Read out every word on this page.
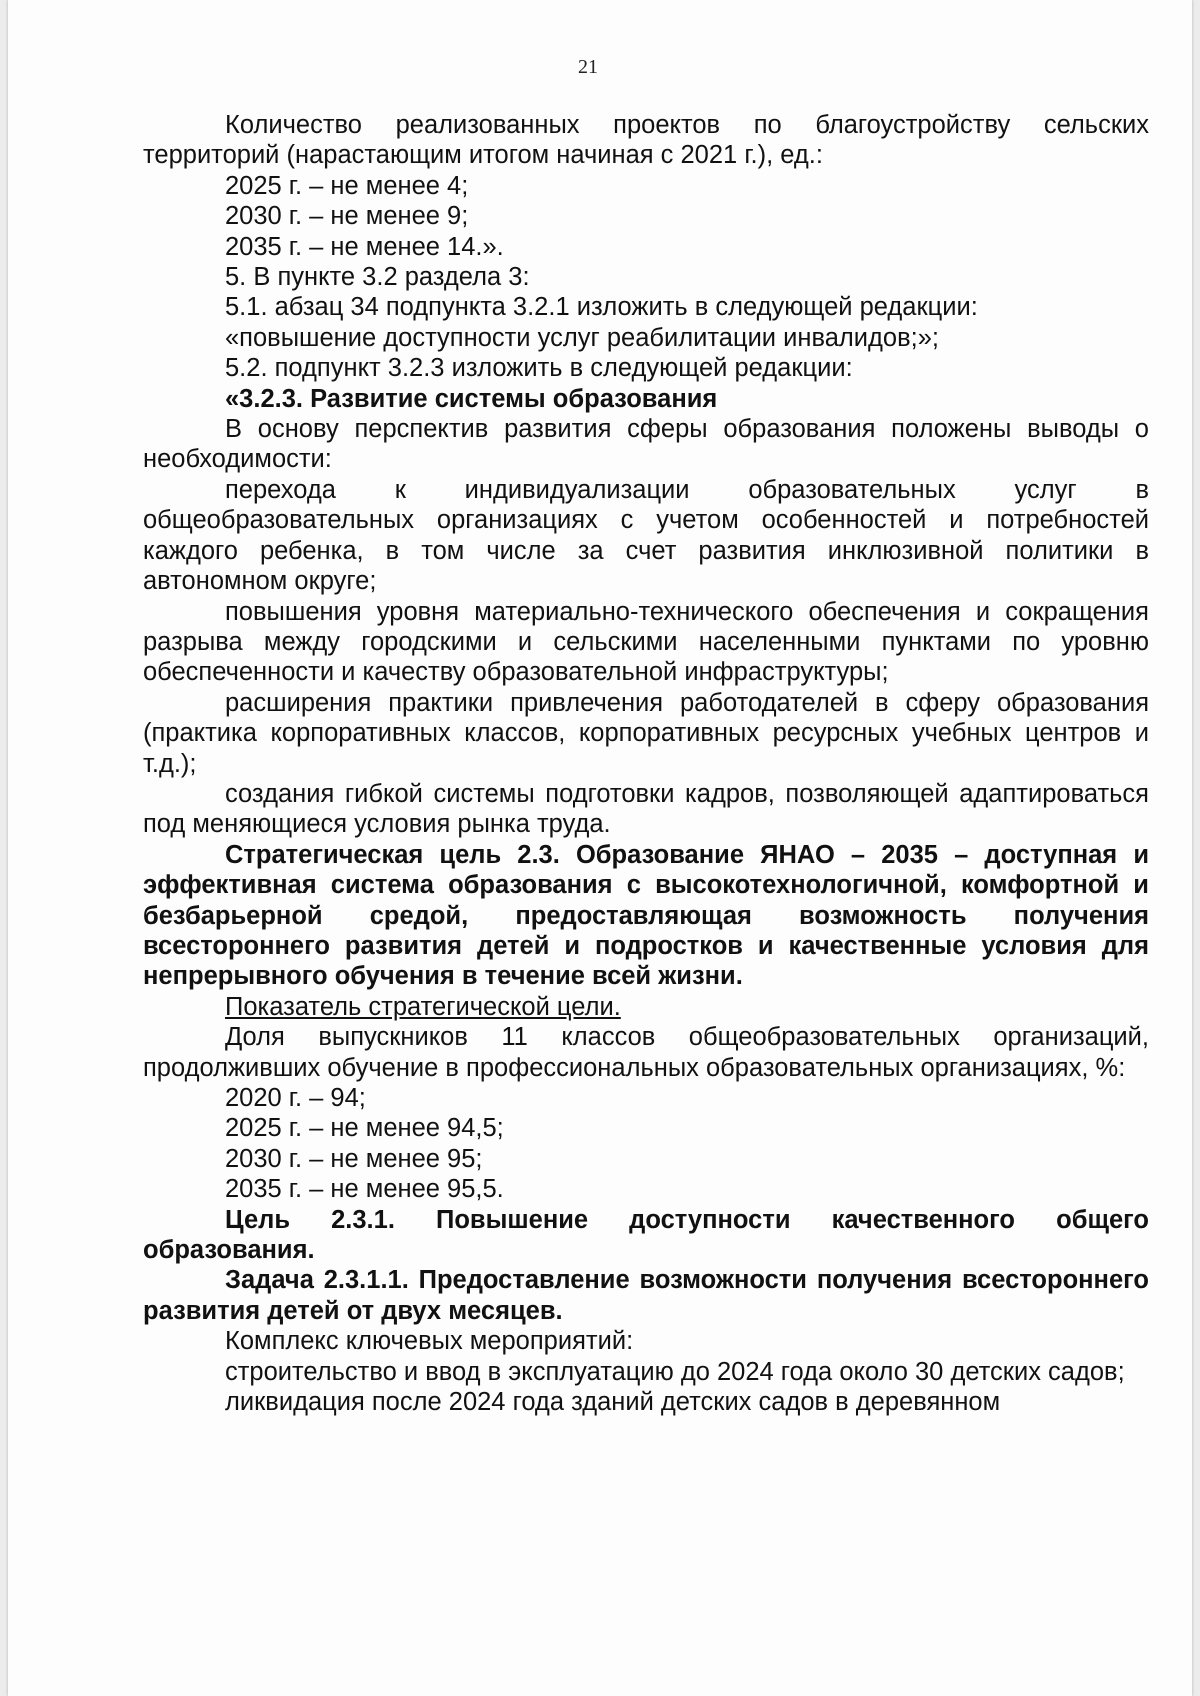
21

Количество реализованных проектов по благоустройству сельских территорий (нарастающим итогом начиная с 2021 г.), ед.:

2025 г. – не менее 4;

2030 г. – не менее 9;

2035 г. – не менее 14.».

5. В пункте 3.2 раздела 3:

5.1. абзац 34 подпункта 3.2.1 изложить в следующей редакции:

«повышение доступности услуг реабилитации инвалидов;»;

5.2. подпункт 3.2.3 изложить в следующей редакции:

«3.2.3. Развитие системы образования

В основу перспектив развития сферы образования положены выводы о необходимости:

перехода к индивидуализации образовательных услуг в общеобразовательных организациях с учетом особенностей и потребностей каждого ребенка, в том числе за счет развития инклюзивной политики в автономном округе;

повышения уровня материально-технического обеспечения и сокращения разрыва между городскими и сельскими населенными пунктами по уровню обеспеченности и качеству образовательной инфраструктуры;

расширения практики привлечения работодателей в сферу образования (практика корпоративных классов, корпоративных ресурсных учебных центров и т.д.);

создания гибкой системы подготовки кадров, позволяющей адаптироваться под меняющиеся условия рынка труда.

Стратегическая цель 2.3. Образование ЯНАО – 2035 – доступная и эффективная система образования с высокотехнологичной, комфортной и безбарьерной средой, предоставляющая возможность получения всестороннего развития детей и подростков и качественные условия для непрерывного обучения в течение всей жизни.

Показатель стратегической цели.

Доля выпускников 11 классов общеобразовательных организаций, продолживших обучение в профессиональных образовательных организациях, %:

2020 г. – 94;

2025 г. – не менее 94,5;

2030 г. – не менее 95;

2035 г. – не менее 95,5.

Цель 2.3.1. Повышение доступности качественного общего образования.

Задача 2.3.1.1. Предоставление возможности получения всестороннего развития детей от двух месяцев.

Комплекс ключевых мероприятий:

строительство и ввод в эксплуатацию до 2024 года около 30 детских садов;

ликвидация после 2024 года зданий детских садов в деревянном
